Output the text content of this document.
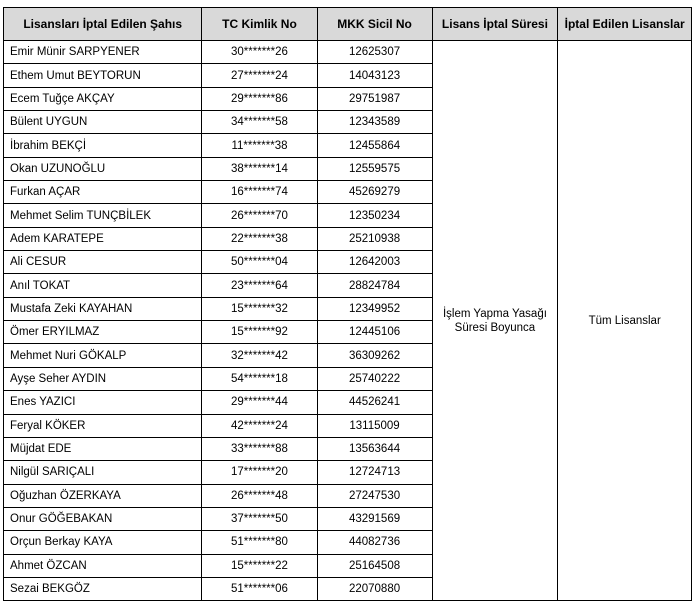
Lisansları İptal Edilen Şahıs	TC Kimlik No	MKK Sicil No	Lisans İptal Süresi	İptal Edilen Lisanslar
Emir Münir SARPYENER	30*******26	12625307	İşlem Yapma Yasağı Süresi Boyunca	Tüm Lisanslar
Ethem Umut BEYTORUN	27*******24	14043123		
Ecem Tuğçe AKÇAY	29*******86	29751987		
Bülent UYGUN	34*******58	12343589		
İbrahim BEKÇİ	11*******38	12455864		
Okan UZUNOĞLU	38*******14	12559575		
Furkan AÇAR	16*******74	45269279		
Mehmet Selim TUNÇBİLEK	26*******70	12350234		
Adem KARATEPE	22*******38	25210938		
Ali CESUR	50*******04	12642003		
Anıl TOKAT	23*******64	28824784		
Mustafa Zeki KAYAHAN	15*******32	12349952		
Ömer ERYILMAZ	15*******92	12445106		
Mehmet Nuri GÖKALP	32*******42	36309262		
Ayşe Seher AYDIN	54*******18	25740222		
Enes YAZICI	29*******44	44526241		
Feryal KÖKER	42*******24	13115009		
Müjdat EDE	33*******88	13563644		
Nilgül SARIÇALI	17*******20	12724713		
Oğuzhan ÖZERKAYA	26*******48	27247530		
Onur GÖĞEBAKAN	37*******50	43291569		
Orçun Berkay KAYA	51*******80	44082736		
Ahmet ÖZCAN	15*******22	25164508		
Sezai BEKGÖZ	51*******06	22070880		
